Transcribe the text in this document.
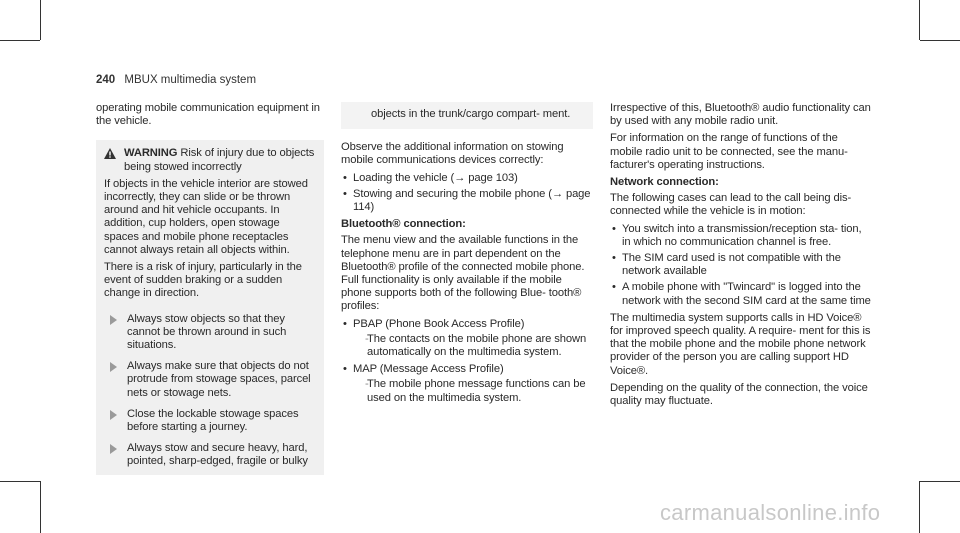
240 MBUX multimedia system

operating mobile communication equipment in the vehicle.

WARNING Risk of injury due to objects being stowed incorrectly

If objects in the vehicle interior are stowed incorrectly, they can slide or be thrown around and hit vehicle occupants. In addition, cup holders, open stowage spaces and mobile phone receptacles cannot always retain all objects within.

There is a risk of injury, particularly in the event of sudden braking or a sudden change in direction.

Always stow objects so that they cannot be thrown around in such situations.
Always make sure that objects do not protrude from stowage spaces, parcel nets or stowage nets.
Close the lockable stowage spaces before starting a journey.
Always stow and secure heavy, hard, pointed, sharp-edged, fragile or bulky
objects in the trunk/cargo compart- ment.

Observe the additional information on stowing mobile communications devices correctly:

• Loading the vehicle (→ page 103)
• Stowing and securing the mobile phone (→ page 114)
Bluetooth® connection:

The menu view and the available functions in the telephone menu are in part dependent on the Bluetooth® profile of the connected mobile phone. Full functionality is only available if the mobile phone supports both of the following Blue- tooth® profiles:

• PBAP (Phone Book Access Profile)
- The contacts on the mobile phone are shown automatically on the multimedia system.
• MAP (Message Access Profile)
- The mobile phone message functions can be used on the multimedia system.

Irrespective of this, Bluetooth® audio functionality can by used with any mobile radio unit.

For information on the range of functions of the mobile radio unit to be connected, see the manu- facturer's operating instructions.

Network connection:

The following cases can lead to the call being dis- connected while the vehicle is in motion:

• You switch into a transmission/reception sta- tion, in which no communication channel is free.
• The SIM card used is not compatible with the network available
• A mobile phone with "Twincard" is logged into the network with the second SIM card at the same time

The multimedia system supports calls in HD Voice® for improved speech quality. A require- ment for this is that the mobile phone and the mobile phone network provider of the person you are calling support HD Voice®.

Depending on the quality of the connection, the voice quality may fluctuate.

carmanualsonline.info
